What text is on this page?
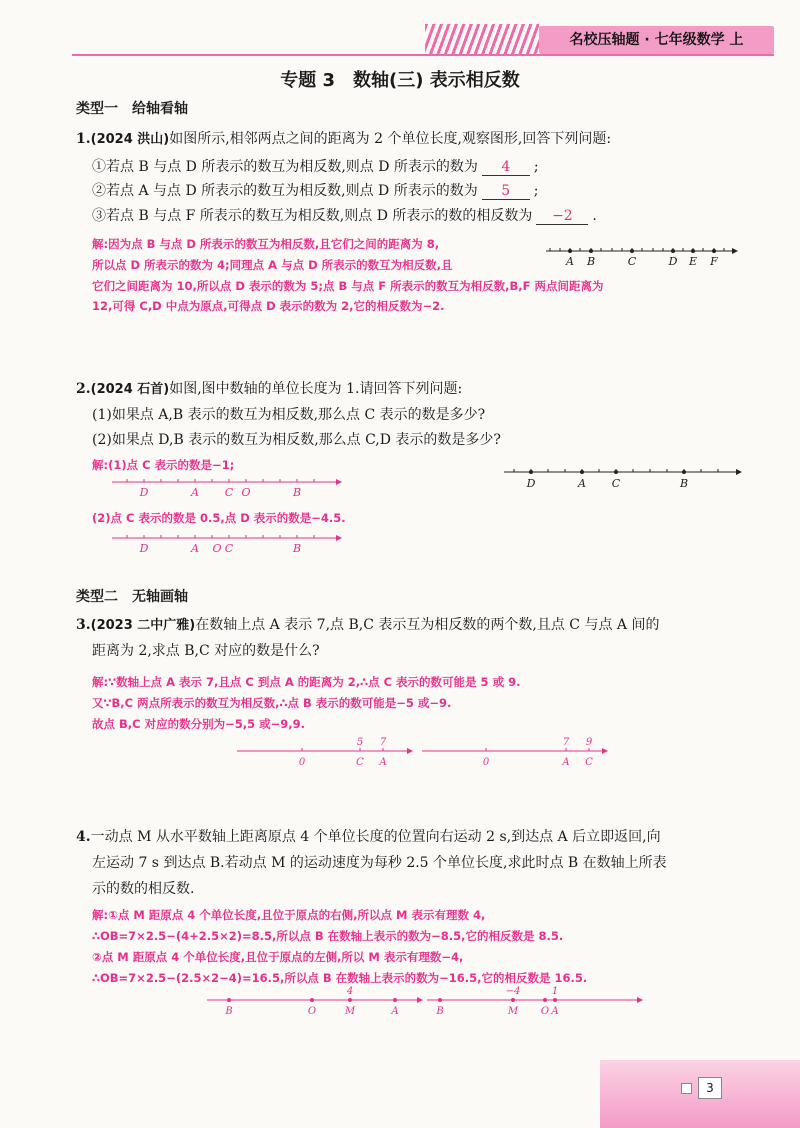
名校压轴题 · 七年级数学 上
专题 3　数轴(三) 表示相反数
类型一　给轴看轴
1.(2024 洪山)如图所示,相邻两点之间的距离为 2 个单位长度,观察图形,回答下列问题:
①若点 B 与点 D 所表示的数互为相反数,则点 D 所表示的数为 4 ;
②若点 A 与点 D 所表示的数互为相反数,则点 D 所表示的数为 5 ;
③若点 B 与点 F 所表示的数互为相反数,则点 D 所表示的数的相反数为 −2 .
解:因为点 B 与点 D 所表示的数互为相反数,且它们之间的距离为 8,
所以点 D 所表示的数为 4;同理点 A 与点 D 所表示的数互为相反数,且
它们之间距离为 10,所以点 D 表示的数为 5;点 B 与点 F 所表示的数互为相反数,B,F 两点间距离为
12,可得 C,D 中点为原点,可得点 D 表示的数为 2,它的相反数为−2.
A B	C	D E F
2.(2024 石首)如图,图中数轴的单位长度为 1.请回答下列问题:
(1)如果点 A,B 表示的数互为相反数,那么点 C 表示的数是多少?
(2)如果点 D,B 表示的数互为相反数,那么点 C,D 表示的数是多少?
D	A C	B
解:(1)点 C 表示的数是−1;
D	A C O	B
(2)点 C 表示的数是 0.5,点 D 表示的数是−4.5.
D	A O C	B
类型二　无轴画轴
3.(2023 二中广雅)在数轴上点 A 表示 7,点 B,C 表示互为相反数的两个数,且点 C 与点 A 间的
距离为 2,求点 B,C 对应的数是什么?
解:∵数轴上点 A 表示 7,且点 C 到点 A 的距离为 2,∴点 C 表示的数可能是 5 或 9.
又∵B,C 两点所表示的数互为相反数,∴点 B 表示的数可能是−5 或−9.
故点 B,C 对应的数分别为−5,5 或−9,9.
5 7
0	C A
7 9
0	A C
4.一动点 M 从水平数轴上距离原点 4 个单位长度的位置向右运动 2 s,到达点 A 后立即返回,向
左运动 7 s 到达点 B.若动点 M 的运动速度为每秒 2.5 个单位长度,求此时点 B 在数轴上所表
示的数的相反数.
解:①点 M 距原点 4 个单位长度,且位于原点的右侧,所以点 M 表示有理数 4,
∴OB=7×2.5−(4+2.5×2)=8.5,所以点 B 在数轴上表示的数为−8.5,它的相反数是 8.5.
②点 M 距原点 4 个单位长度,且位于原点的左侧,所以 M 表示有理数−4,
∴OB=7×2.5−(2.5×2−4)=16.5,所以点 B 在数轴上表示的数为−16.5,它的相反数是 16.5.
4
B	O	M	A
−4	1
B	M O A
3
